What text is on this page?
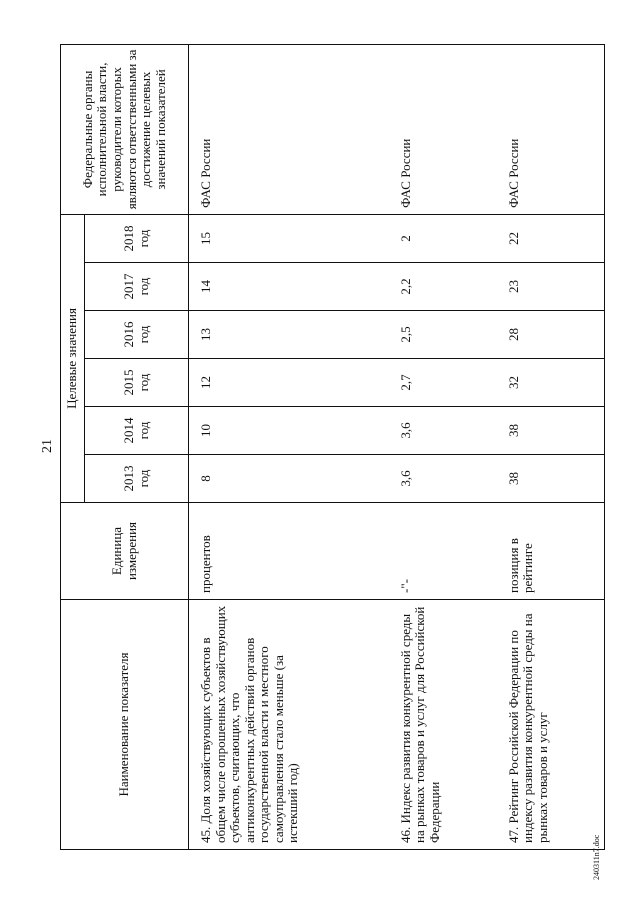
21
240311n7.doc
Наименование показателя	Единица измерения	Целевые значения						Федеральные органы исполнительной власти, руководители которых являются ответственными за достижение целевых значений показателей
		2013 год	2014 год	2015 год	2016 год	2017 год	2018 год	
45. Доля хозяйствующих субъектов в общем числе опрошенных хозяйствующих субъектов, считающих, что антиконкурентных действий органов государственной власти и местного самоуправления стало меньше (за истекший год)	процентов	8	10	12	13	14	15	ФАС России
46. Индекс развития конкурентной среды на рынках товаров и услуг для Российской Федерации	-"-	3,6	3,6	2,7	2,5	2,2	2	ФАС России
47. Рейтинг Российской Федерации по индексу развития конкурентной среды на рынках товаров и услуг	позиция в рейтинге	38	38	32	28	23	22	ФАС России
